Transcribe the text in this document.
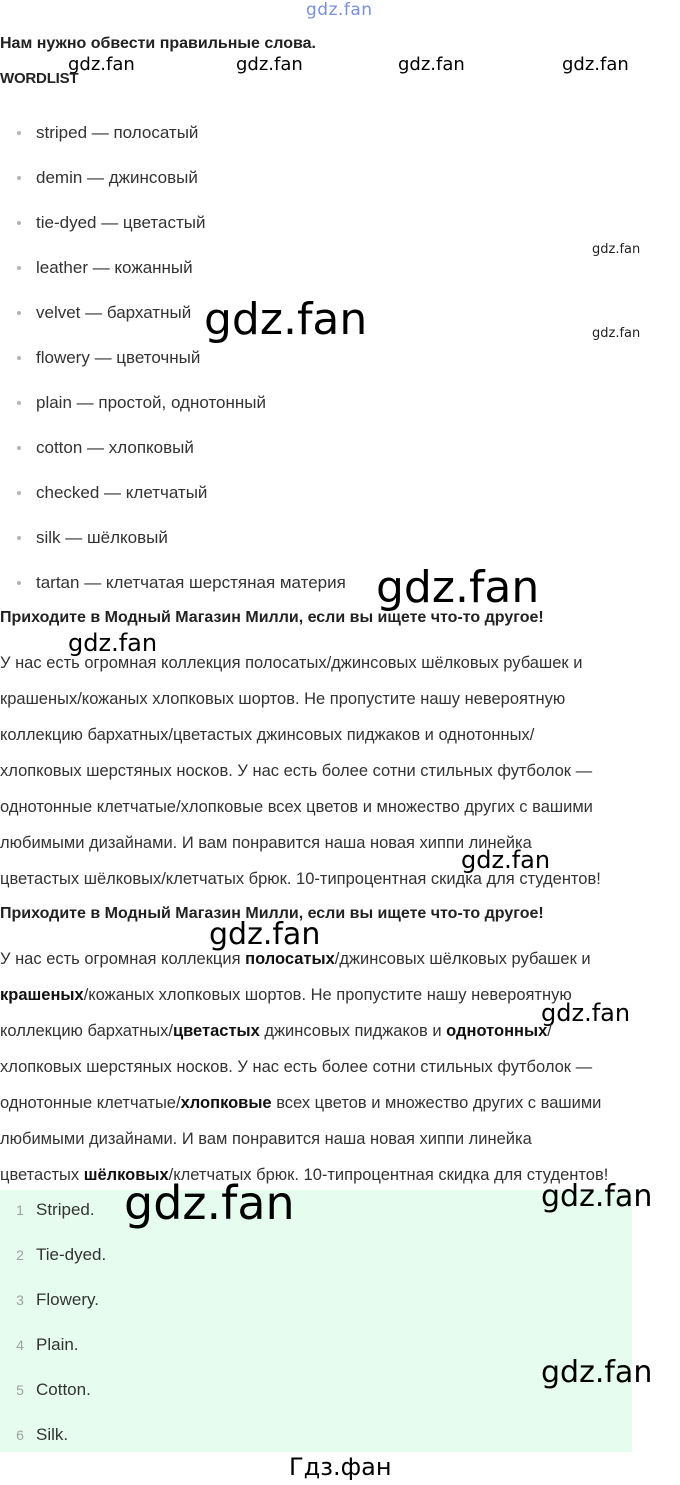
gdz.fan
gdz.fan	gdz.fan	gdz.fan	gdz.fan
gdz.fan
gdz.fan
gdz.fan
gdz.fan
gdz.fan
gdz.fan
gdz.fan
gdz.fan
Нам нужно обвести правильные слова.
WORDLIST
striped — полосатый
demin — джинсовый
tie-dyed — цветастый
leather — кожанный
velvet — бархатный
flowery — цветочный
plain — простой, однотонный
cotton — хлопковый
checked — клетчатый
silk — шёлковый
tartan — клетчатая шерстяная материя
Приходите в Модный Магазин Милли, если вы ищете что-то другое!

У нас есть огромная коллекция полосатых/джинсовых шёлковых рубашек и
крашеных/кожаных хлопковых шортов. Не пропустите нашу невероятную
коллекцию бархатных/цветастых джинсовых пиджаков и однотонных/
хлопковых шерстяных носков. У нас есть более сотни стильных футболок —
однотонные клетчатые/хлопковые всех цветов и множество других с вашими
любимыми дизайнами. И вам понравится наша новая хиппи линейка
цветастых шёлковых/клетчатых брюк. 10-типроцентная скидка для студентов!

Приходите в Модный Магазин Милли, если вы ищете что-то другое!

У нас есть огромная коллекция полосатых/джинсовых шёлковых рубашек и
крашеных/кожаных хлопковых шортов. Не пропустите нашу невероятную
коллекцию бархатных/цветастых джинсовых пиджаков и однотонных/
хлопковых шерстяных носков. У нас есть более сотни стильных футболок —
однотонные клетчатые/хлопковые всех цветов и множество других с вашими
любимыми дизайнами. И вам понравится наша новая хиппи линейка
цветастых шёлковых/клетчатых брюк. 10-типроцентная скидка для студентов!

1 Striped.
2 Tie-dyed.
3 Flowery.
4 Plain.
5 Cotton.
6 Silk.
gdz.fan	gdz.fan
gdz.fan
Гдз.фан
